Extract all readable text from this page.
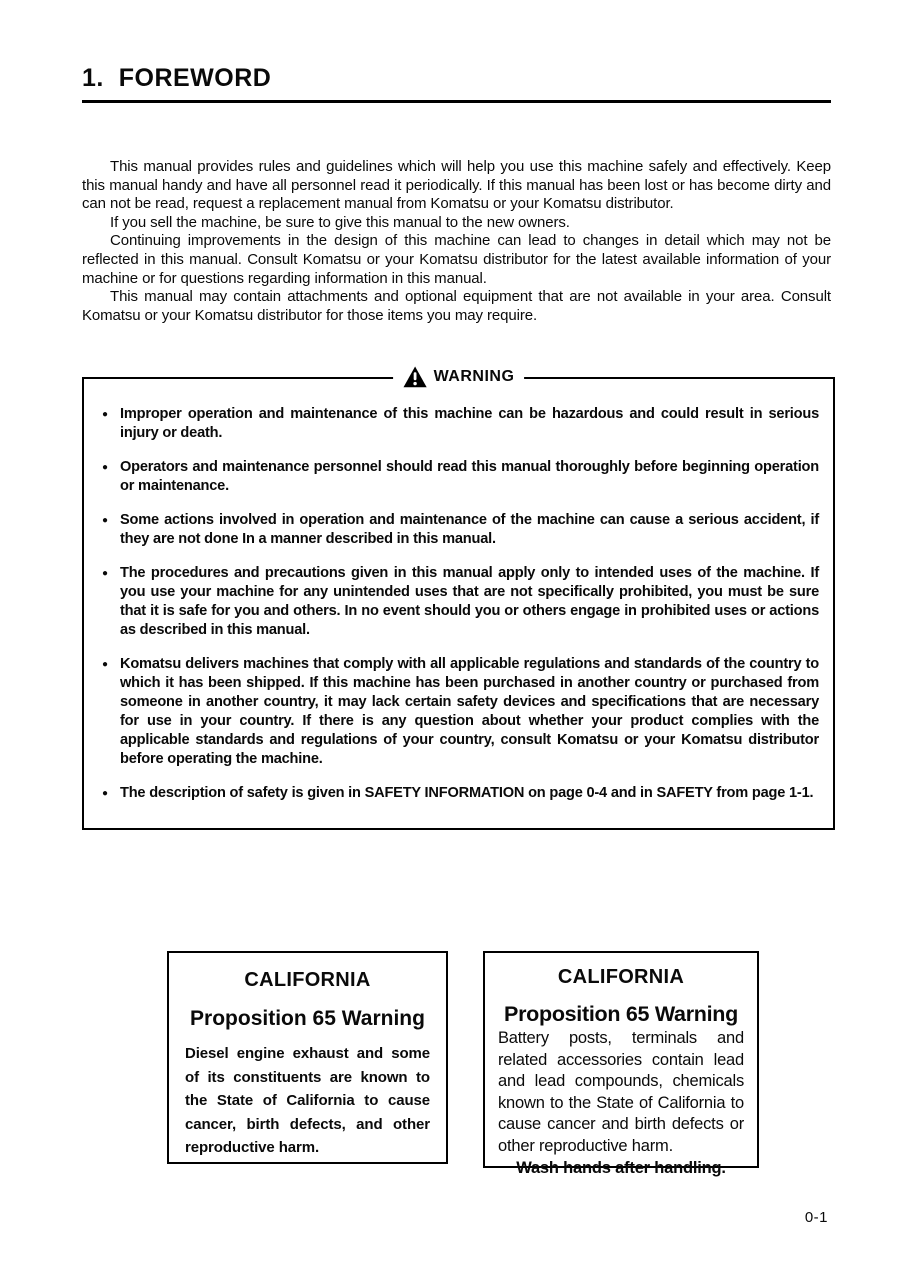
1.  FOREWORD

This manual provides rules and guidelines which will help you use this machine safely and effectively. Keep this manual handy and have all personnel read it periodically. If this manual has been lost or has become dirty and can not be read, request a replacement manual from Komatsu or your Komatsu distributor.

If you sell the machine, be sure to give this manual to the new owners.

Continuing improvements in the design of this machine can lead to changes in detail which may not be reflected in this manual. Consult Komatsu or your Komatsu distributor for the latest available information of your machine or for questions regarding information in this manual.

This manual may contain attachments and optional equipment that are not available in your area. Consult Komatsu or your Komatsu distributor for those items you may require.

WARNING
● Improper operation and maintenance of this machine can be hazardous and could result in serious injury or death.

● Operators and maintenance personnel should read this manual thoroughly before beginning operation or maintenance.

● Some actions involved in operation and maintenance of the machine can cause a serious accident, if they are not done In a manner described in this manual.

● The procedures and precautions given in this manual apply only to intended uses of the machine. If you use your machine for any unintended uses that are not specifically prohibited, you must be sure that it is safe for you and others. In no event should you or others engage in prohibited uses or actions as described in this manual.

● Komatsu delivers machines that comply with all applicable regulations and standards of the country to which it has been shipped. If this machine has been purchased in another country or purchased from someone in another country, it may lack certain safety devices and specifications that are necessary for use in your country. If there is any question about whether your product complies with the applicable standards and regulations of your country, consult Komatsu or your Komatsu distributor before operating the machine.

● The description of safety is given in SAFETY INFORMATION on page 0-4 and in SAFETY from page 1-1.

CALIFORNIA
Proposition 65 Warning

Diesel engine exhaust and some of its constituents are known to the State of California to cause cancer, birth defects, and other reproductive harm.

CALIFORNIA
Proposition 65 Warning

Battery posts, terminals and related accessories contain lead and lead compounds, chemicals known to the State of California to cause cancer and birth defects or other reproductive harm.

Wash hands after handling.

0-1
